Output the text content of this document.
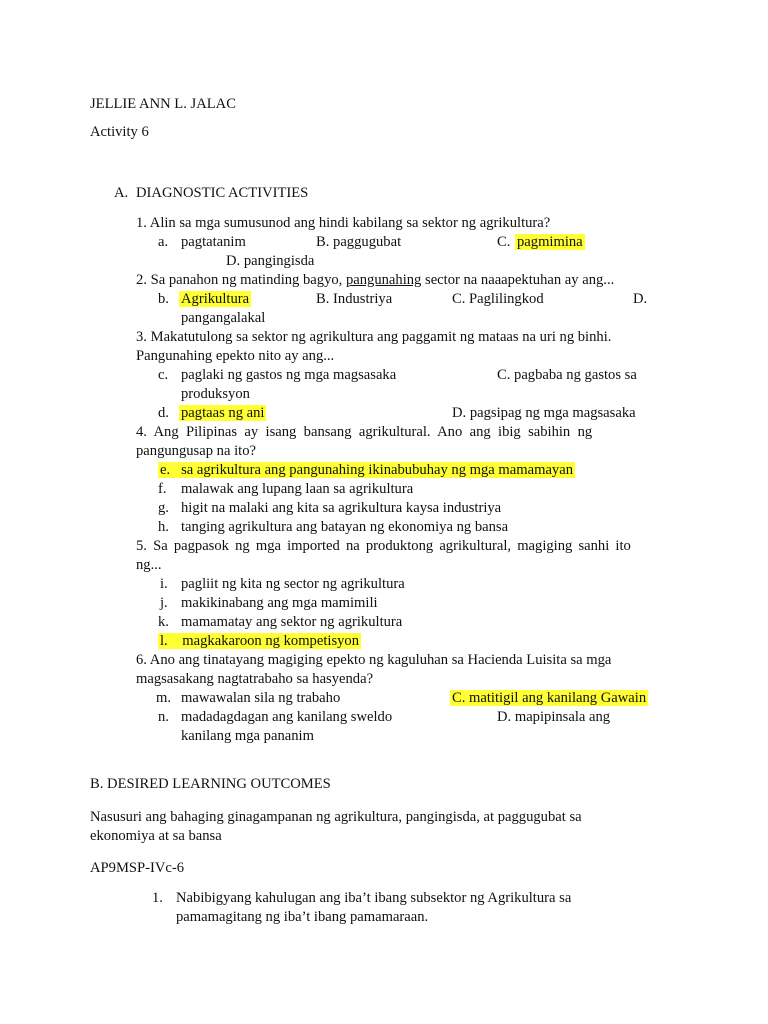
JELLIE ANN L. JALAC
Activity 6
A. DIAGNOSTIC ACTIVITIES
1. Alin sa mga sumusunod ang hindi kabilang sa sektor ng agrikultura?
a. pagtatanim	B. paggugubat	C. pagmimina
D. pangingisda
2. Sa panahon ng matinding bagyo, pangunahing sector na naaapektuhan ay ang...
b. Agrikultura	B. Industriya	C. Paglilingkod	D.
pangangalakal
3. Makatutulong sa sektor ng agrikultura ang paggamit ng mataas na uri ng binhi.
Pangunahing epekto nito ay ang...
c. paglaki ng gastos ng mga magsasaka	C. pagbaba ng gastos sa
produksyon
d. pagtaas ng ani	D. pagsipag ng mga magsasaka
4. Ang Pilipinas ay isang bansang agrikultural. Ano ang ibig sabihin ng
pangungusap na ito?
e. sa agrikultura ang pangunahing ikinabubuhay ng mga mamamayan
f. malawak ang lupang laan sa agrikultura
g. higit na malaki ang kita sa agrikultura kaysa industriya
h. tanging agrikultura ang batayan ng ekonomiya ng bansa
5. Sa pagpasok ng mga imported na produktong agrikultural, magiging sanhi ito
ng...
i. pagliit ng kita ng sector ng agrikultura
j. makikinabang ang mga mamimili
k. mamamatay ang sektor ng agrikultura
l. magkakaroon ng kompetisyon
6. Ano ang tinatayang magiging epekto ng kaguluhan sa Hacienda Luisita sa mga
magsasakang nagtatrabaho sa hasyenda?
m. mawawalan sila ng trabaho	C. matitigil ang kanilang Gawain
n. madadagdagan ang kanilang sweldo	D. mapipinsala ang
kanilang mga pananim
B. DESIRED LEARNING OUTCOMES
Nasusuri ang bahaging ginagampanan ng agrikultura, pangingisda, at paggugubat sa
ekonomiya at sa bansa
AP9MSP-IVc-6
1. Nabibigyang kahulugan ang iba’t ibang subsektor ng Agrikultura sa
pamamagitang ng iba’t ibang pamamaraan.
